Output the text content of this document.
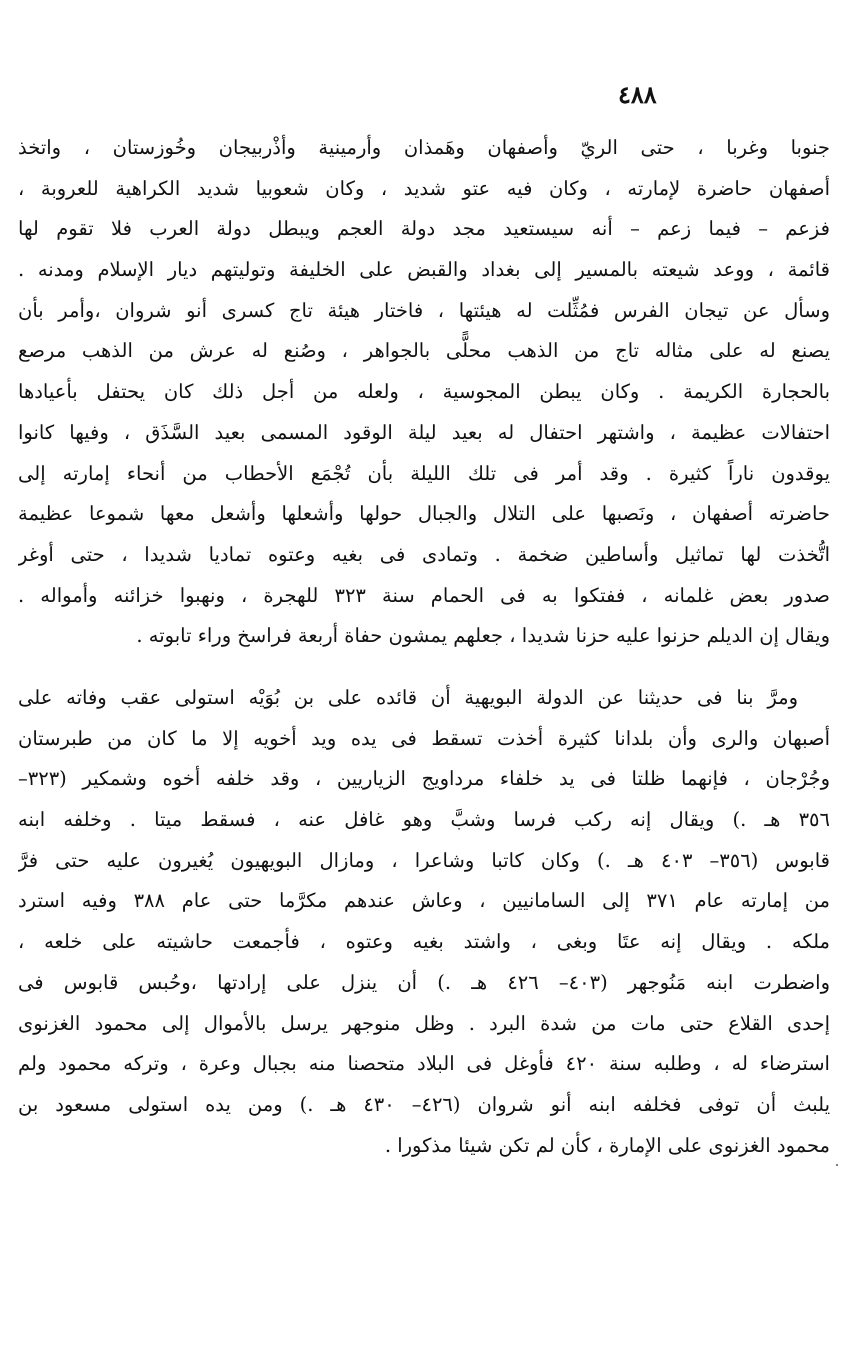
٤٨٨
جنوبا وغربا ، حتى الريّ وأصفهان وهَمذان وأرمينية وأذْربيجان وخُوزستان ، واتخذ
أصفهان حاضرة لإمارته ، وكان فيه عتو شديد ، وكان شعوبيا شديد الكراهية للعروبة ،
فزعم – فيما زعم – أنه سيستعيد مجد دولة العجم ويبطل دولة العرب فلا تقوم لها
قائمة ، ووعد شيعته بالمسير إلى بغداد والقبض على الخليفة وتوليتهم ديار الإسلام ومدنه .
وسأل عن تيجان الفرس فمُثِّلت له هيئتها ، فاختار هيئة تاج كسرى أنو شروان ،وأمر بأن
يصنع له على مثاله تاج من الذهب محلًّى بالجواهر ، وصُنع له عرش من الذهب مرصع
بالحجارة الكريمة . وكان يبطن المجوسية ، ولعله من أجل ذلك كان يحتفل بأعيادها
احتفالات عظيمة ، واشتهر احتفال له بعيد ليلة الوقود المسمى بعيد السَّذَق ، وفيها كانوا
يوقدون ناراً كثيرة . وقد أمر فى تلك الليلة بأن تُجْمَع الأحطاب من أنحاء إمارته إلى
حاضرته أصفهان ، ونَصبها على التلال والجبال حولها وأشعلها وأشعل معها شموعا عظيمة
اتُّخذت لها تماثيل وأساطين ضخمة . وتمادى فى بغيه وعتوه تماديا شديدا ، حتى أوغر
صدور بعض غلمانه ، ففتكوا به فى الحمام سنة ٣٢٣ للهجرة ، ونهبوا خزائنه وأمواله .
ويقال إن الديلم حزنوا عليه حزنا شديدا ، جعلهم يمشون حفاة أربعة فراسخ وراء تابوته .
ومرَّ بنا فى حديثنا عن الدولة البويهية أن قائده على بن بُوَيْه استولى عقب وفاته على
أصبهان والرى وأن بلدانا كثيرة أخذت تسقط فى يده ويد أخويه إلا ما كان من طبرستان
وجُرْجان ، فإنهما ظلتا فى يد خلفاء مرداويج الزياريين ، وقد خلفه أخوه وشمكير (٣٢٣–
٣٥٦ هـ .) ويقال إنه ركب فرسا وشبَّ وهو غافل عنه ، فسقط ميتا . وخلفه ابنه
قابوس (٣٥٦– ٤٠٣ هـ .) وكان كاتبا وشاعرا ، ومازال البويهيون يُغيرون عليه حتى فرَّ
من إمارته عام ٣٧١ إلى السامانيين ، وعاش عندهم مكرَّما حتى عام ٣٨٨ وفيه استرد
ملكه . ويقال إنه عتَا وبغى ، واشتد بغيه وعتوه ، فأجمعت حاشيته على خلعه ،
واضطرت ابنه مَنُوجهر (٤٠٣– ٤٢٦ هـ .) أن ينزل على إرادتها ،وحُبس قابوس فى
إحدى القلاع حتى مات من شدة البرد . وظل منوجهر يرسل بالأموال إلى محمود الغزنوى
استرضاء له ، وطلبه سنة ٤٢٠ فأوغل فى البلاد متحصنا منه بجبال وعرة ، وتركه محمود ولم
يلبث أن توفى فخلفه ابنه أنو شروان (٤٢٦– ٤٣٠ هـ .) ومن يده استولى مسعود بن
محمود الغزنوى على الإمارة ، كأن لم تكن شيئا مذكورا .
